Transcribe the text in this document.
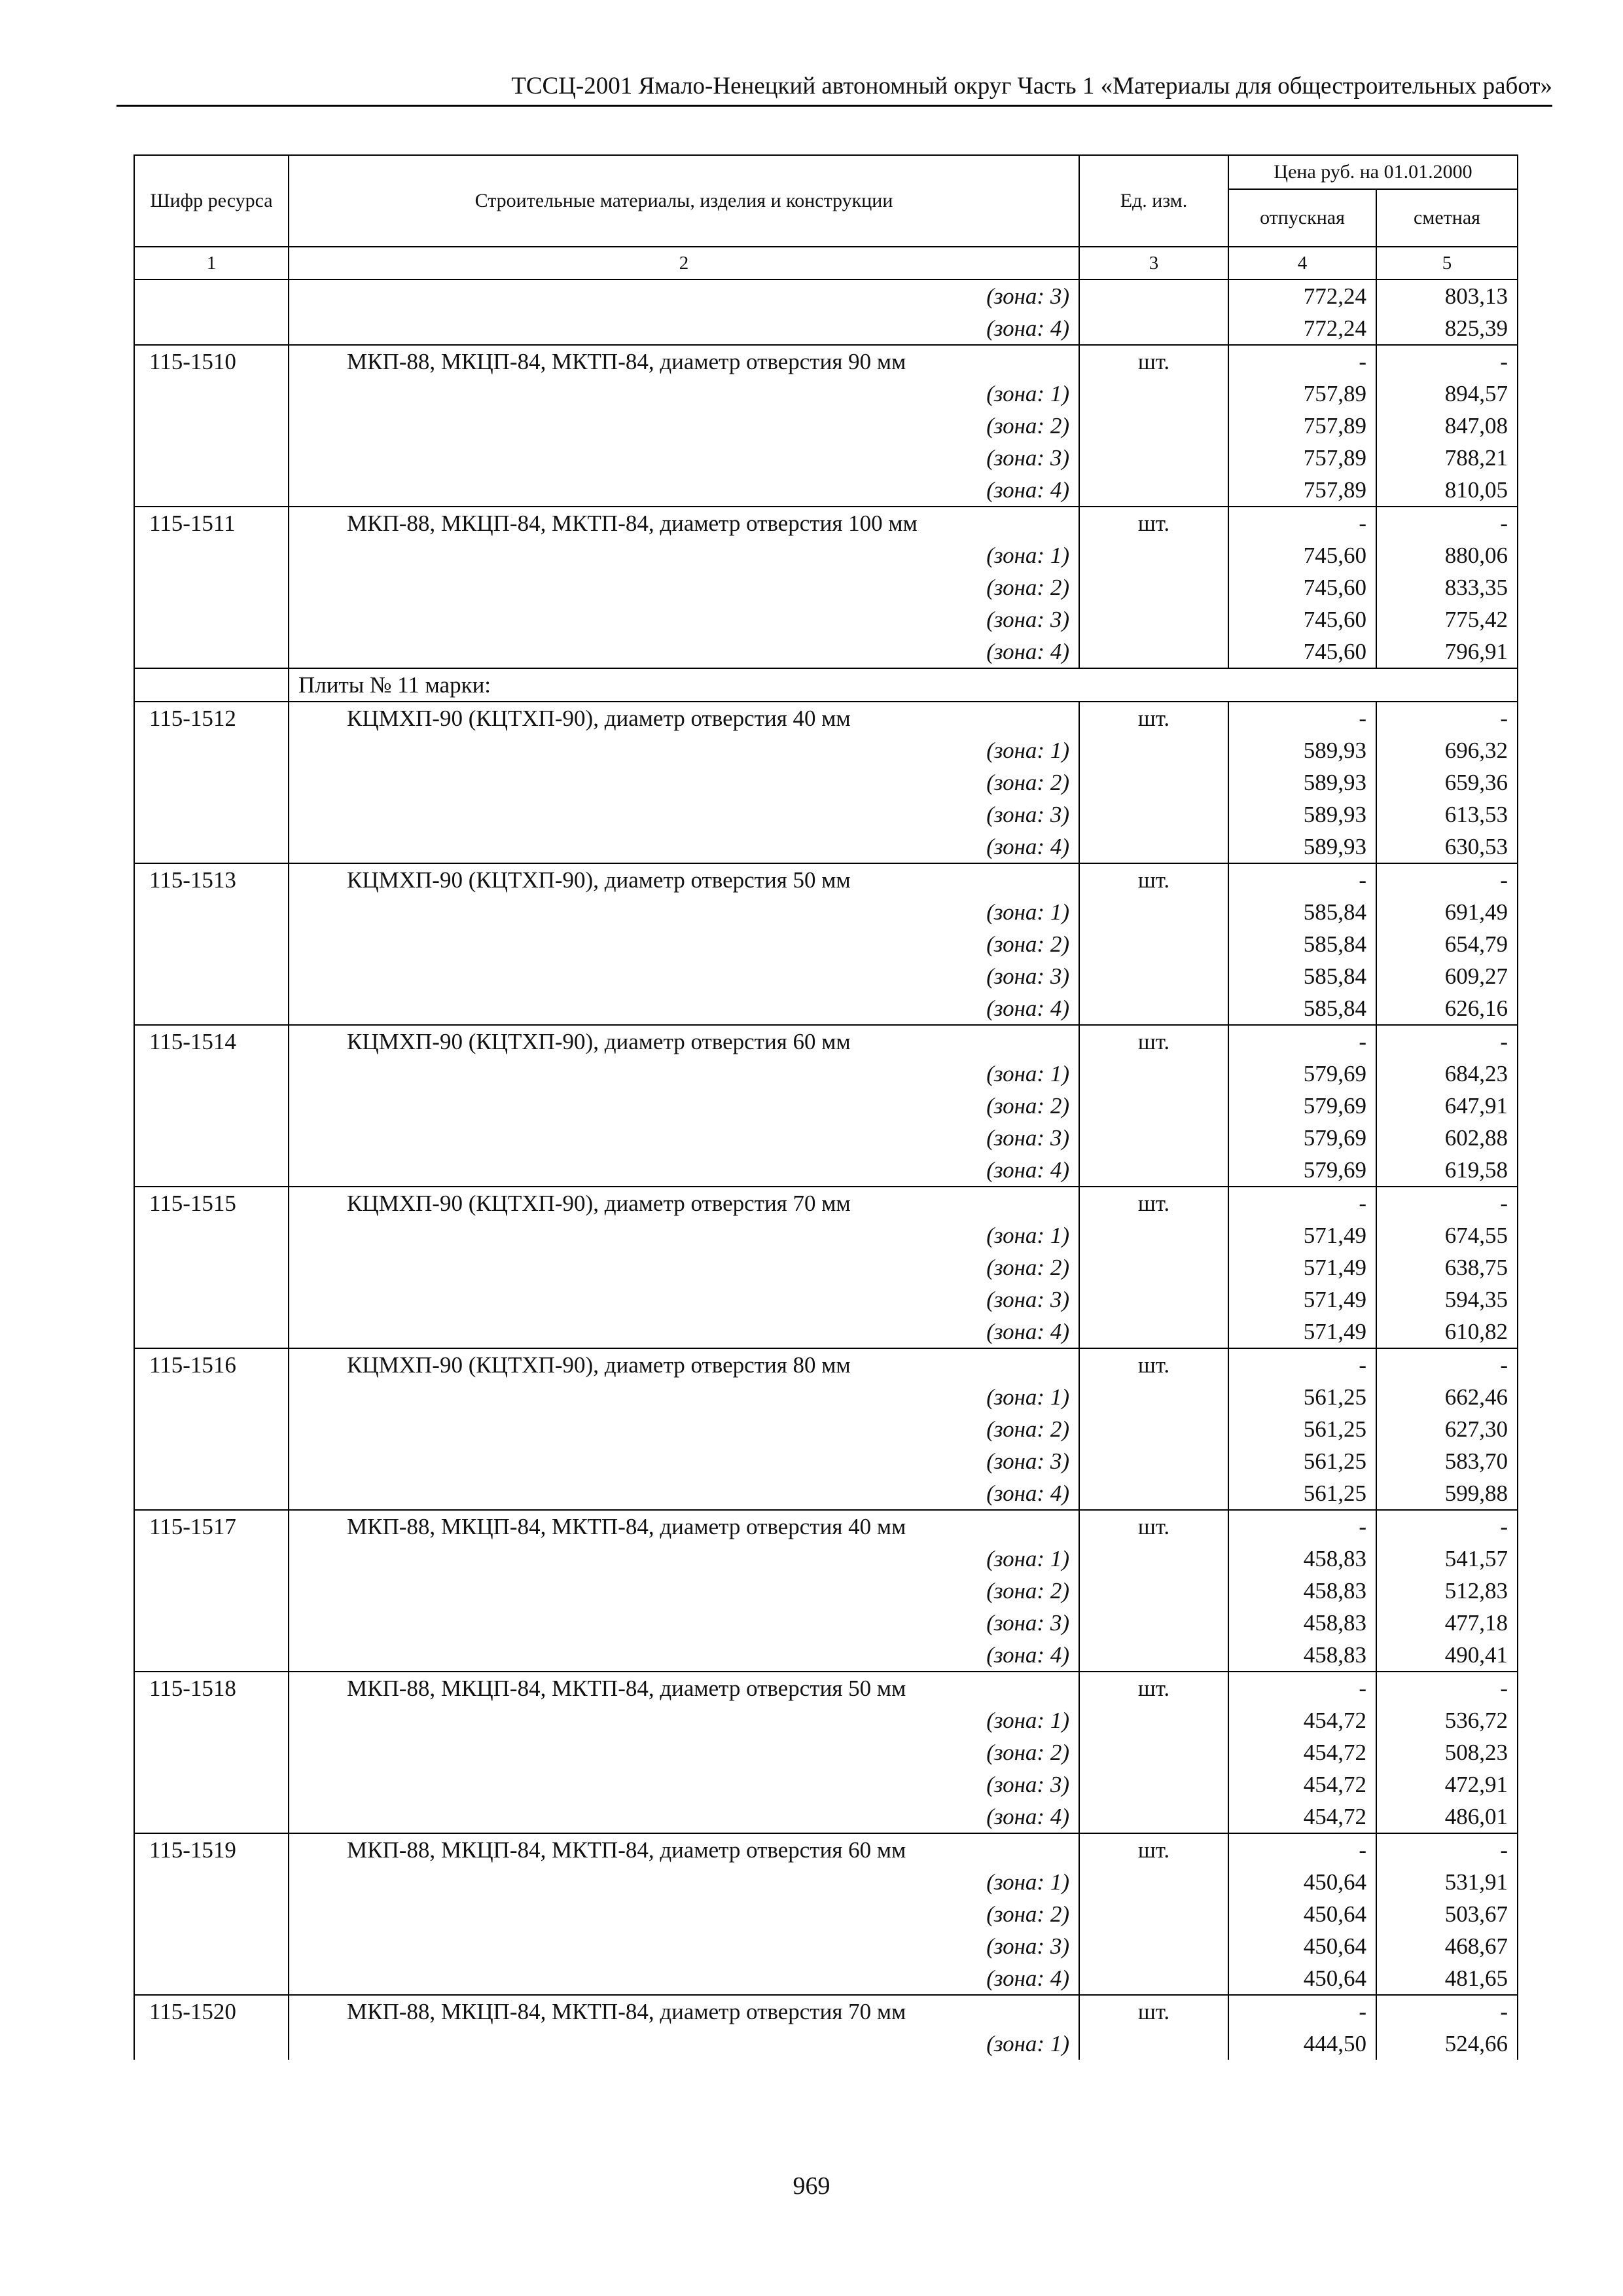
ТССЦ-2001 Ямало-Ненецкий автономный округ Часть 1 «Материалы для общестроительных работ»
Шифр ресурса	Строительные материалы, изделия и конструкции	Ед. изм.	Цена руб. на 01.01.2000	
			отпускная	сметная
1	2	3	4	5
	(зона: 3)		772,24	803,13
	(зона: 4)		772,24	825,39
115-1510	МКП-88, МКЦП-84, МКТП-84, диаметр отверстия 90 мм	шт.	-	-
	(зона: 1)		757,89	894,57
	(зона: 2)		757,89	847,08
	(зона: 3)		757,89	788,21
	(зона: 4)		757,89	810,05
115-1511	МКП-88, МКЦП-84, МКТП-84, диаметр отверстия 100 мм	шт.	-	-
	(зона: 1)		745,60	880,06
	(зона: 2)		745,60	833,35
	(зона: 3)		745,60	775,42
	(зона: 4)		745,60	796,91
	Плиты № 11 марки:			
115-1512	КЦМХП-90 (КЦТХП-90), диаметр отверстия 40 мм	шт.	-	-
	(зона: 1)		589,93	696,32
	(зона: 2)		589,93	659,36
	(зона: 3)		589,93	613,53
	(зона: 4)		589,93	630,53
115-1513	КЦМХП-90 (КЦТХП-90), диаметр отверстия 50 мм	шт.	-	-
	(зона: 1)		585,84	691,49
	(зона: 2)		585,84	654,79
	(зона: 3)		585,84	609,27
	(зона: 4)		585,84	626,16
115-1514	КЦМХП-90 (КЦТХП-90), диаметр отверстия 60 мм	шт.	-	-
	(зона: 1)		579,69	684,23
	(зона: 2)		579,69	647,91
	(зона: 3)		579,69	602,88
	(зона: 4)		579,69	619,58
115-1515	КЦМХП-90 (КЦТХП-90), диаметр отверстия 70 мм	шт.	-	-
	(зона: 1)		571,49	674,55
	(зона: 2)		571,49	638,75
	(зона: 3)		571,49	594,35
	(зона: 4)		571,49	610,82
115-1516	КЦМХП-90 (КЦТХП-90), диаметр отверстия 80 мм	шт.	-	-
	(зона: 1)		561,25	662,46
	(зона: 2)		561,25	627,30
	(зона: 3)		561,25	583,70
	(зона: 4)		561,25	599,88
115-1517	МКП-88, МКЦП-84, МКТП-84, диаметр отверстия 40 мм	шт.	-	-
	(зона: 1)		458,83	541,57
	(зона: 2)		458,83	512,83
	(зона: 3)		458,83	477,18
	(зона: 4)		458,83	490,41
115-1518	МКП-88, МКЦП-84, МКТП-84, диаметр отверстия 50 мм	шт.	-	-
	(зона: 1)		454,72	536,72
	(зона: 2)		454,72	508,23
	(зона: 3)		454,72	472,91
	(зона: 4)		454,72	486,01
115-1519	МКП-88, МКЦП-84, МКТП-84, диаметр отверстия 60 мм	шт.	-	-
	(зона: 1)		450,64	531,91
	(зона: 2)		450,64	503,67
	(зона: 3)		450,64	468,67
	(зона: 4)		450,64	481,65
115-1520	МКП-88, МКЦП-84, МКТП-84, диаметр отверстия 70 мм	шт.	-	-
	(зона: 1)		444,50	524,66
969
